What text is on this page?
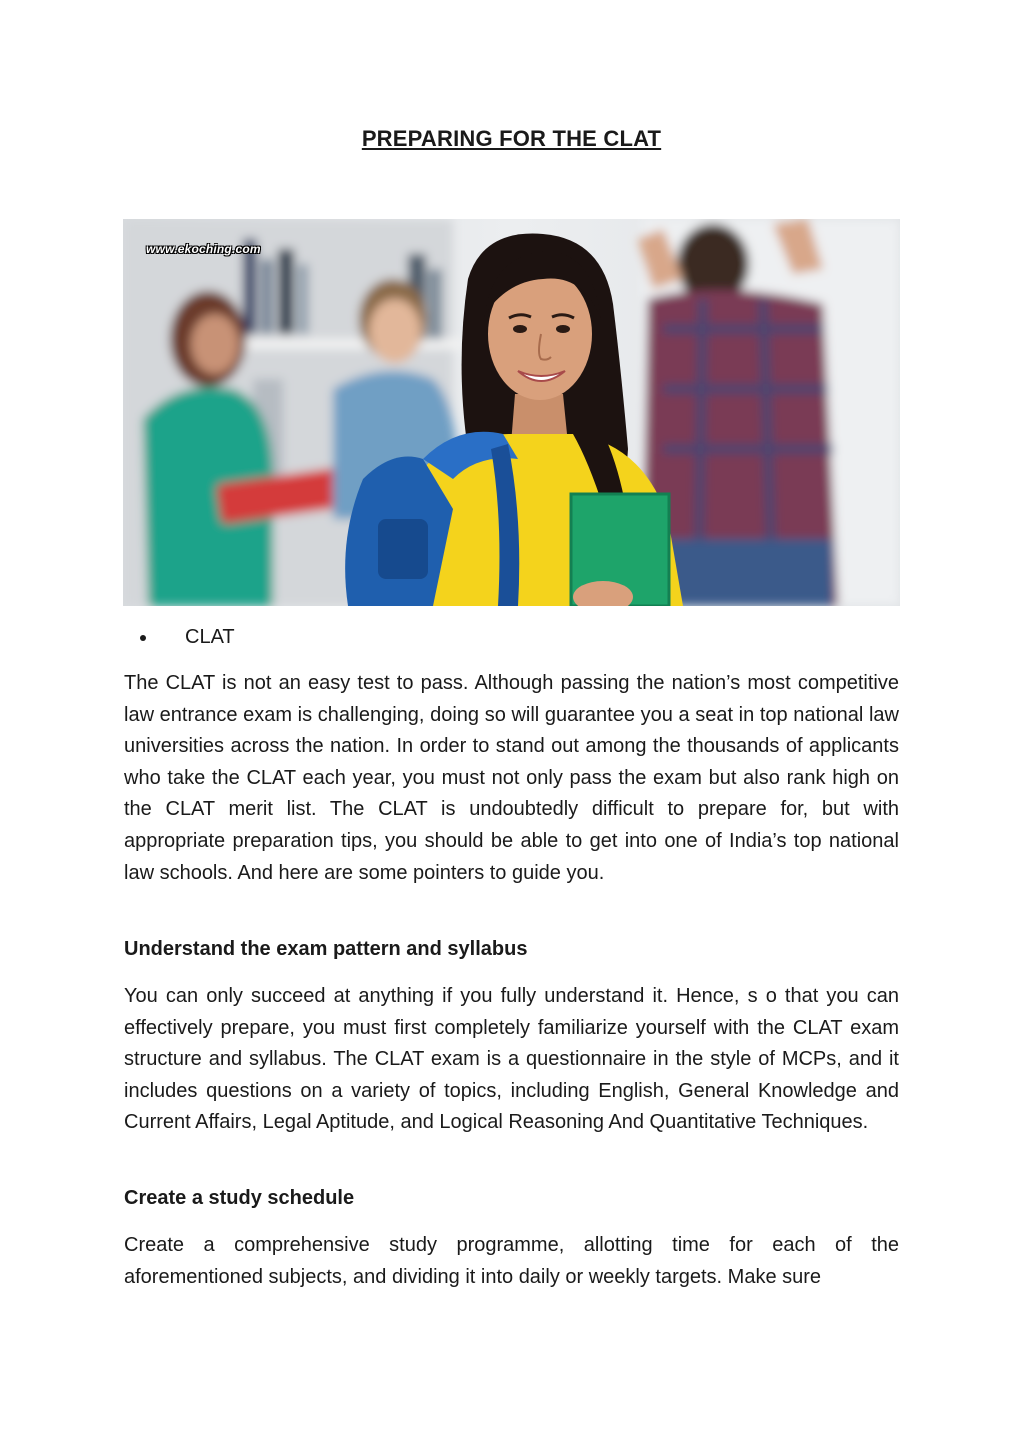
PREPARING FOR THE CLAT
www.ekoching.com
CLAT

The CLAT is not an easy test to pass. Although passing the nation’s most competitive law entrance exam is challenging, doing so will guarantee you a seat in top national law universities across the nation. In order to stand out among the thousands of applicants who take the CLAT each year, you must not only pass the exam but also rank high on the CLAT merit list. The CLAT is undoubtedly difficult to prepare for, but with appropriate preparation tips, you should be able to get into one of India’s top national law schools. And here are some pointers to guide you.

Understand the exam pattern and syllabus

You can only succeed at anything if you fully understand it. Hence, s o that you can effectively prepare, you must first completely familiarize yourself with the CLAT exam structure and syllabus. The CLAT exam is a questionnaire in the style of MCPs, and it includes questions on a variety of topics, including English, General Knowledge and Current Affairs, Legal Aptitude, and Logical Reasoning And Quantitative Techniques.

Create a study schedule

Create a comprehensive study programme, allotting time for each of the aforementioned subjects, and dividing it into daily or weekly targets. Make sure
